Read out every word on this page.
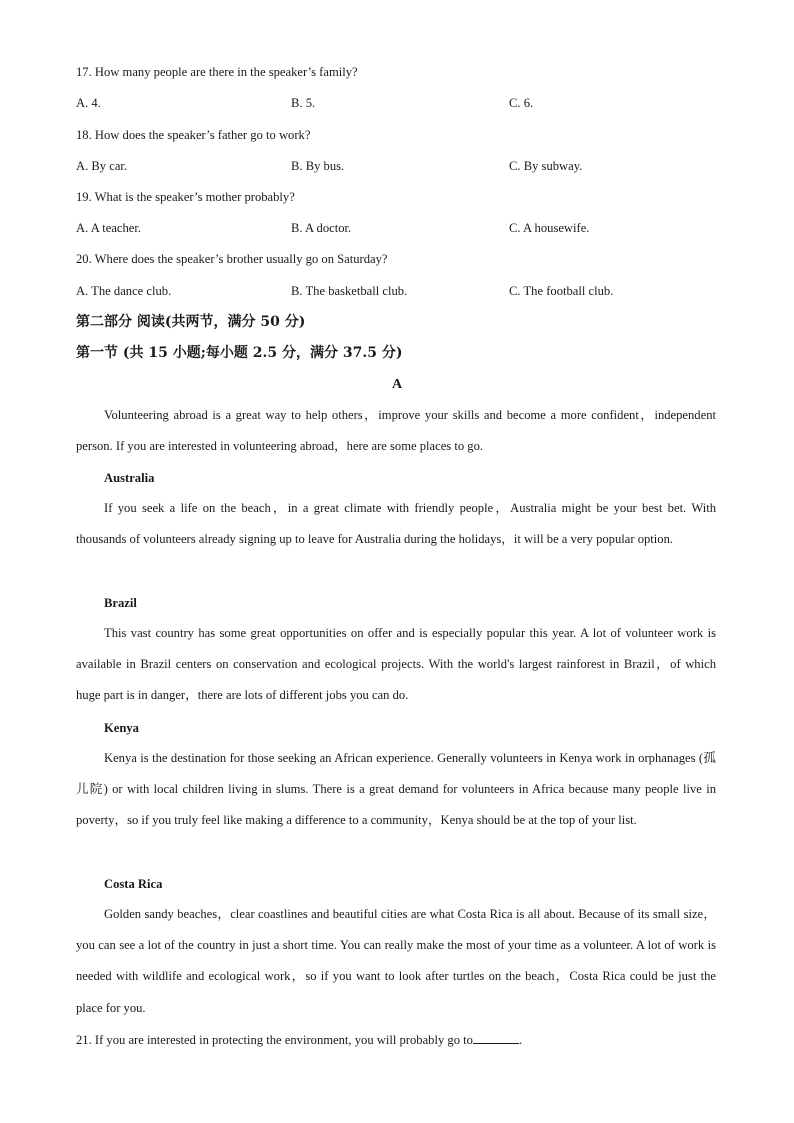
17. How many people are there in the speaker’s family?
A. 4.	B. 5.	C. 6.
18. How does the speaker’s father go to work?
A. By car.	B. By bus.	C. By subway.
19. What is the speaker’s mother probably?
A. A teacher.	B. A doctor.	C. A housewife.
20. Where does the speaker’s brother usually go on Saturday?
A. The dance club.	B. The basketball club.	C. The football club.
第二部分 阅读(共两节，满分 50 分)
第一节 (共 15 小题;每小题 2.5 分，满分 37.5 分)
A
Volunteering abroad is a great way to help others，improve your skills and become a more confident，independent person. If you are interested in volunteering abroad，here are some places to go.
Australia
If you seek a life on the beach，in a great climate with friendly people，Australia might be your best bet. With thousands of volunteers already signing up to leave for Australia during the holidays，it will be a very popular option.
Brazil
This vast country has some great opportunities on offer and is especially popular this year. A lot of volunteer work is available in Brazil centers on conservation and ecological projects. With the world's largest rainforest in Brazil，of which huge part is in danger，there are lots of different jobs you can do.
Kenya
Kenya is the destination for those seeking an African experience. Generally volunteers in Kenya work in orphanages (孤儿院) or with local children living in slums. There is a great demand for volunteers in Africa because many people live in poverty，so if you truly feel like making a difference to a community，Kenya should be at the top of your list.
Costa Rica
Golden sandy beaches，clear coastlines and beautiful cities are what Costa Rica is all about. Because of its small size，you can see a lot of the country in just a short time. You can really make the most of your time as a volunteer. A lot of work is needed with wildlife and ecological work，so if you want to look after turtles on the beach，Costa Rica could be just the place for you.
21. If you are interested in protecting the environment, you will probably go to	.
